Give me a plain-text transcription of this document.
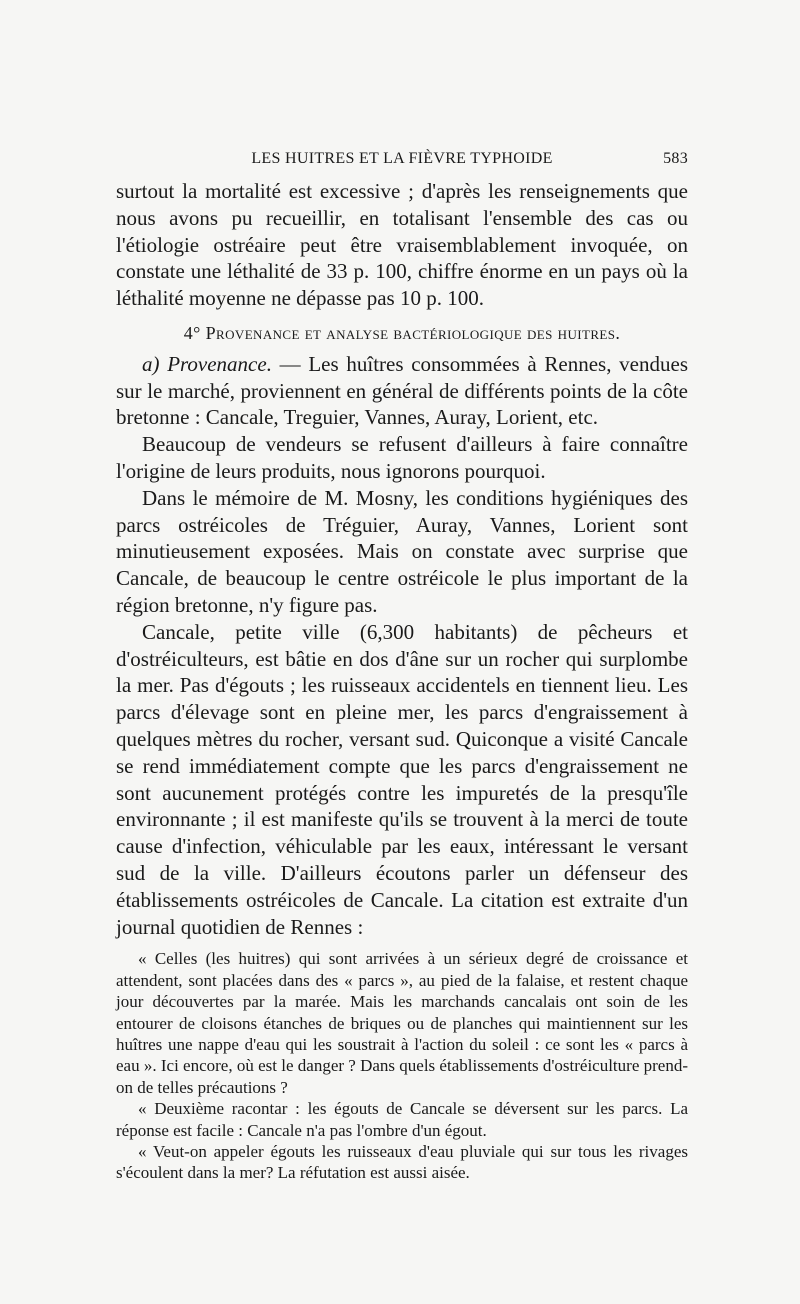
LES HUITRES ET LA FIÈVRE TYPHOIDE	583

surtout la mortalité est excessive ; d'après les renseignements que nous avons pu recueillir, en totalisant l'ensemble des cas ou l'étiologie ostréaire peut être vraisemblablement invoquée, on constate une léthalité de 33 p. 100, chiffre énorme en un pays où la léthalité moyenne ne dépasse pas 10 p. 100.

4° Provenance et analyse bactériologique des huitres.

a) Provenance. — Les huîtres consommées à Rennes, vendues sur le marché, proviennent en général de différents points de la côte bretonne : Cancale, Treguier, Vannes, Auray, Lorient, etc.

Beaucoup de vendeurs se refusent d'ailleurs à faire connaître l'origine de leurs produits, nous ignorons pourquoi.

Dans le mémoire de M. Mosny, les conditions hygiéniques des parcs ostréicoles de Tréguier, Auray, Vannes, Lorient sont minutieusement exposées. Mais on constate avec surprise que Cancale, de beaucoup le centre ostréicole le plus important de la région bretonne, n'y figure pas.

Cancale, petite ville (6,300 habitants) de pêcheurs et d'ostréiculteurs, est bâtie en dos d'âne sur un rocher qui surplombe la mer. Pas d'égouts ; les ruisseaux accidentels en tiennent lieu. Les parcs d'élevage sont en pleine mer, les parcs d'engraissement à quelques mètres du rocher, versant sud. Quiconque a visité Cancale se rend immédiatement compte que les parcs d'engraissement ne sont aucunement protégés contre les impuretés de la presqu'île environnante ; il est manifeste qu'ils se trouvent à la merci de toute cause d'infection, véhiculable par les eaux, intéressant le versant sud de la ville. D'ailleurs écoutons parler un défenseur des établissements ostréicoles de Cancale. La citation est extraite d'un journal quotidien de Rennes :

« Celles (les huitres) qui sont arrivées à un sérieux degré de croissance et attendent, sont placées dans des « parcs », au pied de la falaise, et restent chaque jour découvertes par la marée. Mais les marchands cancalais ont soin de les entourer de cloisons étanches de briques ou de planches qui maintiennent sur les huîtres une nappe d'eau qui les soustrait à l'action du soleil : ce sont les « parcs à eau ». Ici encore, où est le danger ? Dans quels établissements d'ostréiculture prend-on de telles précautions ?

« Deuxième racontar : les égouts de Cancale se déversent sur les parcs. La réponse est facile : Cancale n'a pas l'ombre d'un égout.

« Veut-on appeler égouts les ruisseaux d'eau pluviale qui sur tous les rivages s'écoulent dans la mer? La réfutation est aussi aisée.
